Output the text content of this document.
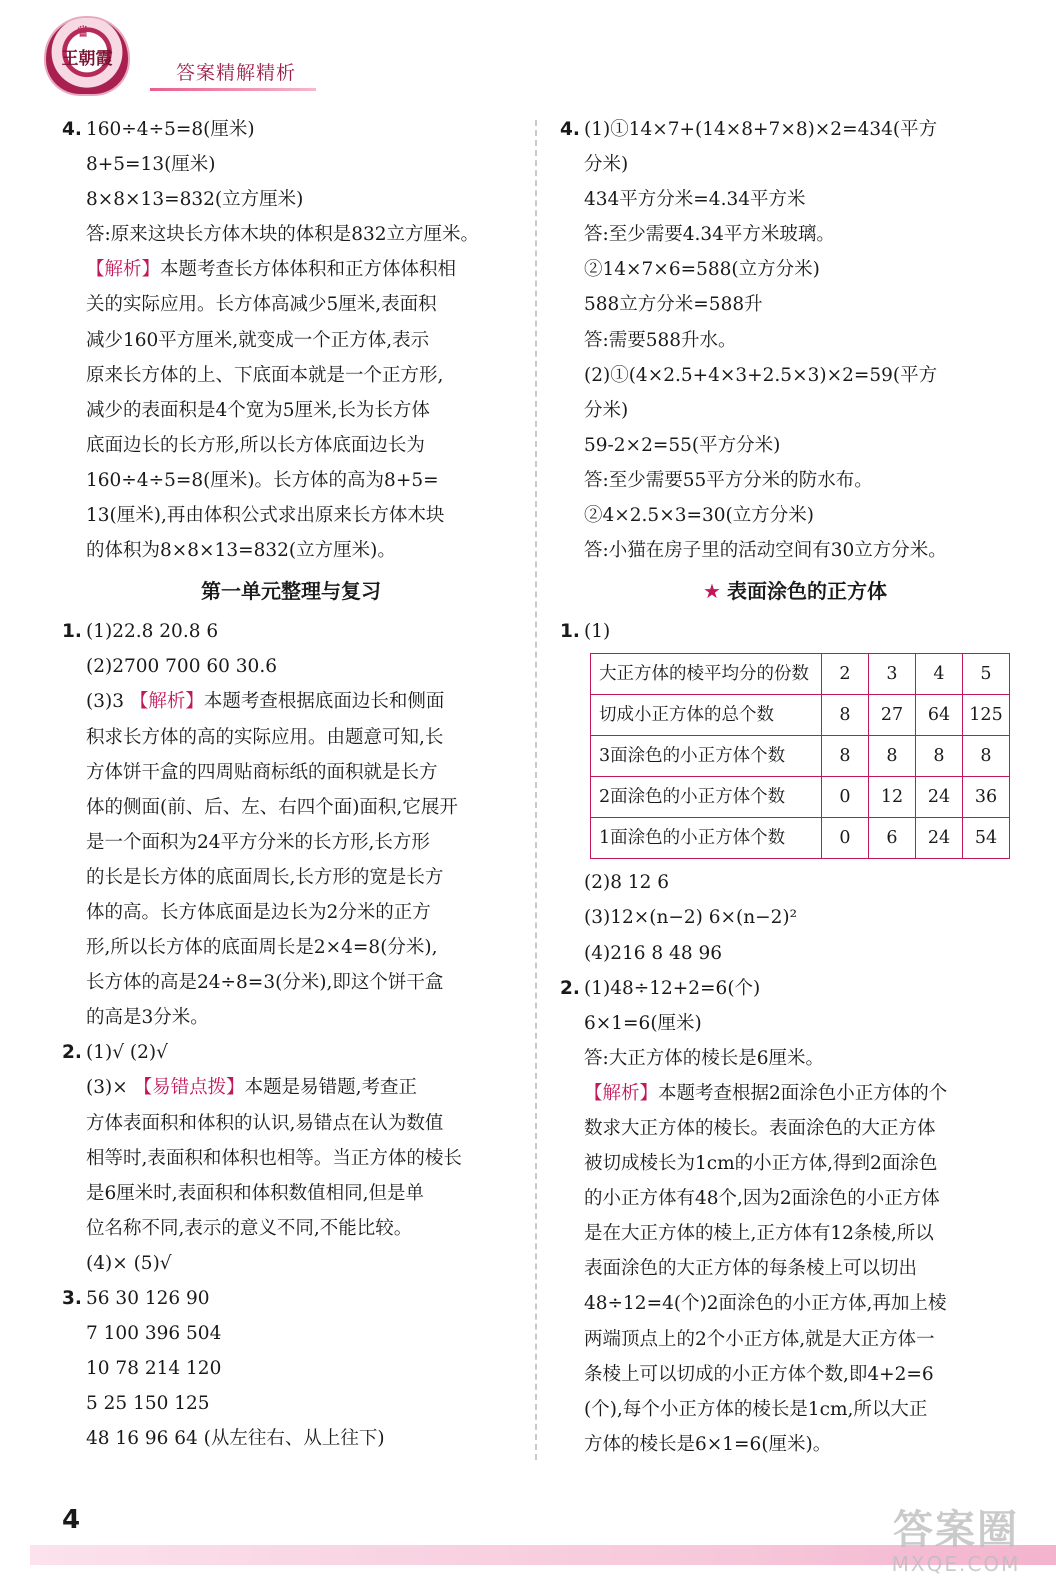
♛
王朝霞
答案精解精析
4. 160÷4÷5=8(厘米)
8+5=13(厘米)
8×8×13=832(立方厘米)
答:原来这块长方体木块的体积是832立方厘米。
【解析】本题考查长方体体积和正方体体积相
关的实际应用。长方体高减少5厘米,表面积
减少160平方厘米,就变成一个正方体,表示
原来长方体的上、下底面本就是一个正方形,
减少的表面积是4个宽为5厘米,长为长方体
底面边长的长方形,所以长方体底面边长为
160÷4÷5=8(厘米)。长方体的高为8+5=
13(厘米),再由体积公式求出原来长方体木块
的体积为8×8×13=832(立方厘米)。
第一单元整理与复习
1. (1)22.8 20.8 6
(2)2700 700 60 30.6
(3)3 【解析】本题考查根据底面边长和侧面
积求长方体的高的实际应用。由题意可知,长
方体饼干盒的四周贴商标纸的面积就是长方
体的侧面(前、后、左、右四个面)面积,它展开
是一个面积为24平方分米的长方形,长方形
的长是长方体的底面周长,长方形的宽是长方
体的高。长方体底面是边长为2分米的正方
形,所以长方体的底面周长是2×4=8(分米),
长方体的高是24÷8=3(分米),即这个饼干盒
的高是3分米。
2. (1)√ (2)√
(3)× 【易错点拨】本题是易错题,考查正
方体表面积和体积的认识,易错点在认为数值
相等时,表面积和体积也相等。当正方体的棱长
是6厘米时,表面积和体积数值相同,但是单
位名称不同,表示的意义不同,不能比较。
(4)× (5)√
3. 56 30 126 90
7 100 396 504
10 78 214 120
5 25 150 125
48 16 96 64 (从左往右、从上往下)
4. (1)①14×7+(14×8+7×8)×2=434(平方
分米)
434平方分米=4.34平方米
答:至少需要4.34平方米玻璃。
②14×7×6=588(立方分米)
588立方分米=588升
答:需要588升水。
(2)①(4×2.5+4×3+2.5×3)×2=59(平方
分米)
59-2×2=55(平方分米)
答:至少需要55平方分米的防水布。
②4×2.5×3=30(立方分米)
答:小猫在房子里的活动空间有30立方分米。
★ 表面涂色的正方体
1. (1)
大正方体的棱平均分的份数	2	3	4	5
切成小正方体的总个数	8	27	64	125
3面涂色的小正方体个数	8	8	8	8
2面涂色的小正方体个数	0	12	24	36
1面涂色的小正方体个数	0	6	24	54
(2)8 12 6
(3)12×(n−2) 6×(n−2)²
(4)216 8 48 96
2. (1)48÷12+2=6(个)
6×1=6(厘米)
答:大正方体的棱长是6厘米。
【解析】本题考查根据2面涂色小正方体的个
数求大正方体的棱长。表面涂色的大正方体
被切成棱长为1cm的小正方体,得到2面涂色
的小正方体有48个,因为2面涂色的小正方体
是在大正方体的棱上,正方体有12条棱,所以
表面涂色的大正方体的每条棱上可以切出
48÷12=4(个)2面涂色的小正方体,再加上棱
两端顶点上的2个小正方体,就是大正方体一
条棱上可以切成的小正方体个数,即4+2=6
(个),每个小正方体的棱长是1cm,所以大正
方体的棱长是6×1=6(厘米)。
4	答案圈
MXQE.COM
